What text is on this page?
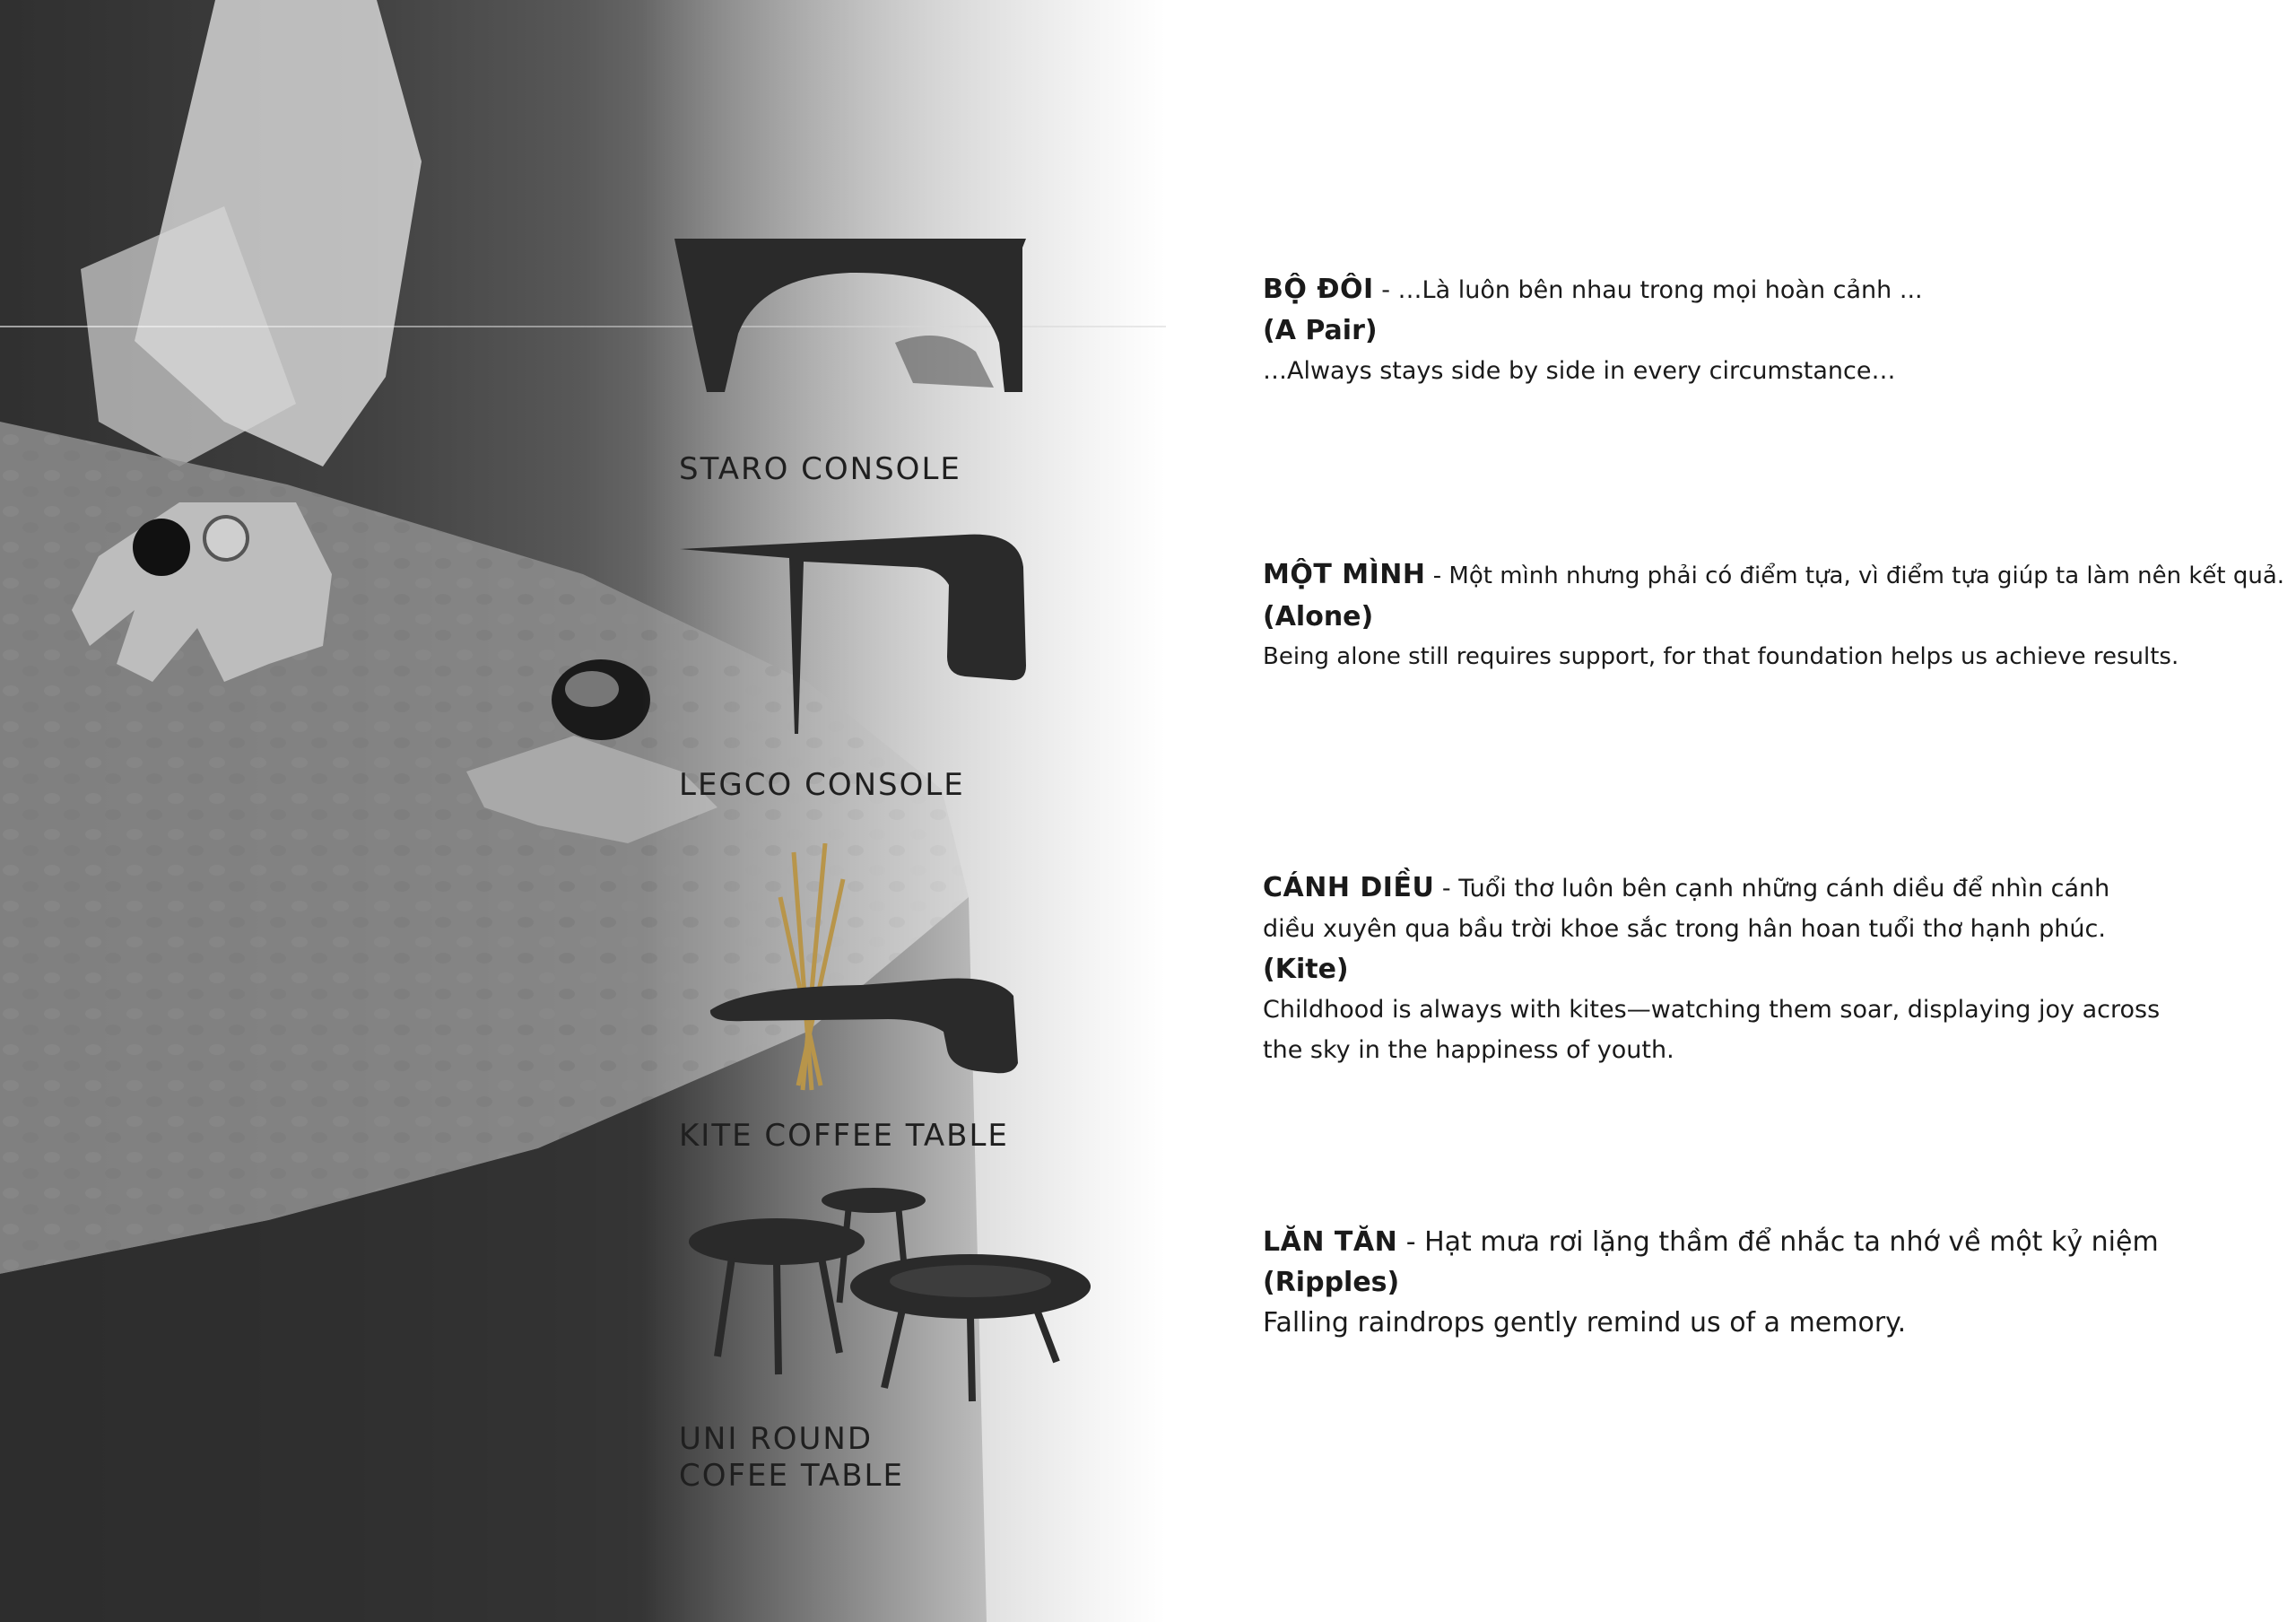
STARO CONSOLE
LEGCO CONSOLE
KITE COFFEE TABLE
UNI ROUND
COFEE TABLE
BỘ ĐÔI - …Là luôn bên nhau trong mọi hoàn cảnh ...
(A Pair)
…Always stays side by side in every circumstance…
MỘT MÌNH - Một mình nhưng phải có điểm tựa, vì điểm tựa giúp ta làm nên kết quả.
(Alone)
Being alone still requires support, for that foundation helps us achieve results.
CÁNH DIỀU - Tuổi thơ luôn bên cạnh những cánh diều để nhìn cánh diều xuyên qua bầu trời khoe sắc trong hân hoan tuổi thơ hạnh phúc.
(Kite)
Childhood is always with kites—watching them soar, displaying joy across the sky in the happiness of youth.
LĂN TĂN - Hạt mưa rơi lặng thầm để nhắc ta nhớ về một kỷ niệm
(Ripples)
Falling raindrops gently remind us of a memory.
